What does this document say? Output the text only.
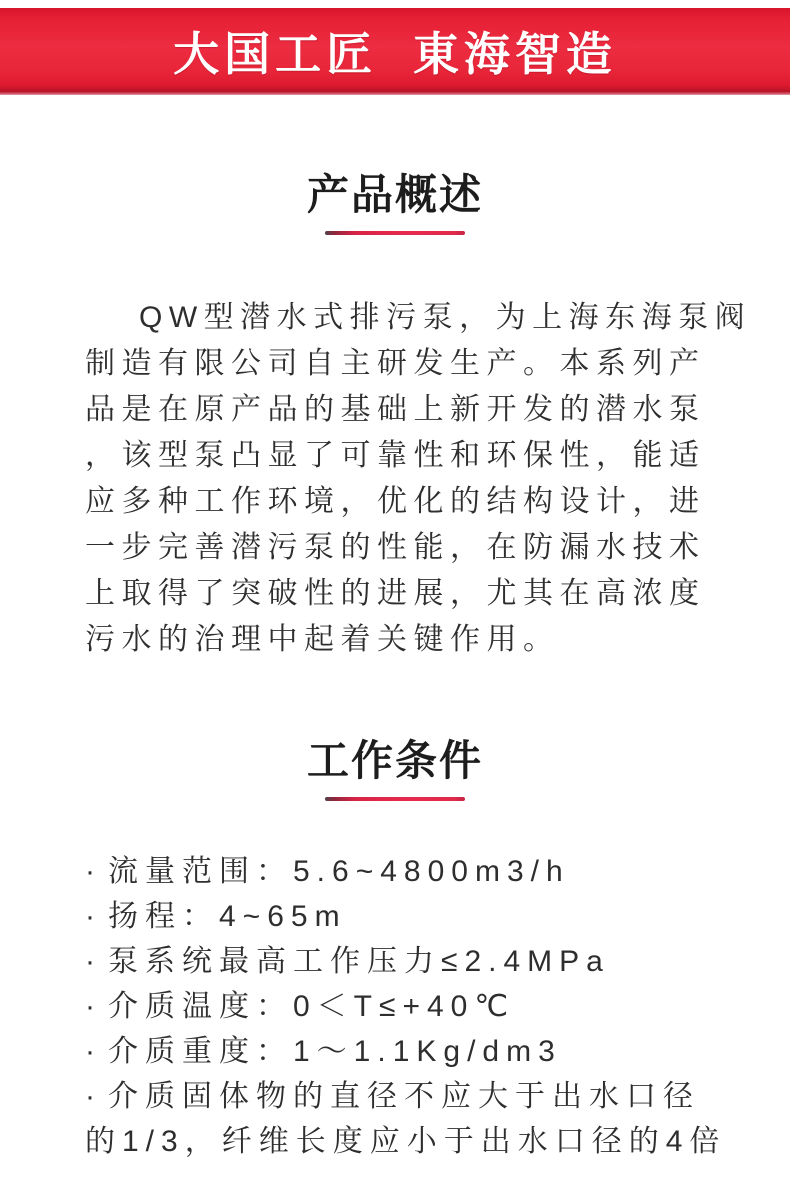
大国工匠 東海智造
产品概述
QW型潜水式排污泵，为上海东海泵阀
制造有限公司自主研发生产。本系列产
品是在原产品的基础上新开发的潜水泵
，该型泵凸显了可靠性和环保性，能适
应多种工作环境，优化的结构设计，进
一步完善潜污泵的性能，在防漏水技术
上取得了突破性的进展，尤其在高浓度
污水的治理中起着关键作用。
工作条件
· 流量范围：5.6~4800m3/h
· 扬程：4~65m
· 泵系统最高工作压力≤2.4MPa
· 介质温度：0＜T≤+40℃
· 介质重度：1～1.1Kg/dm3
· 介质固体物的直径不应大于出水口径
的1/3，纤维长度应小于出水口径的4倍
